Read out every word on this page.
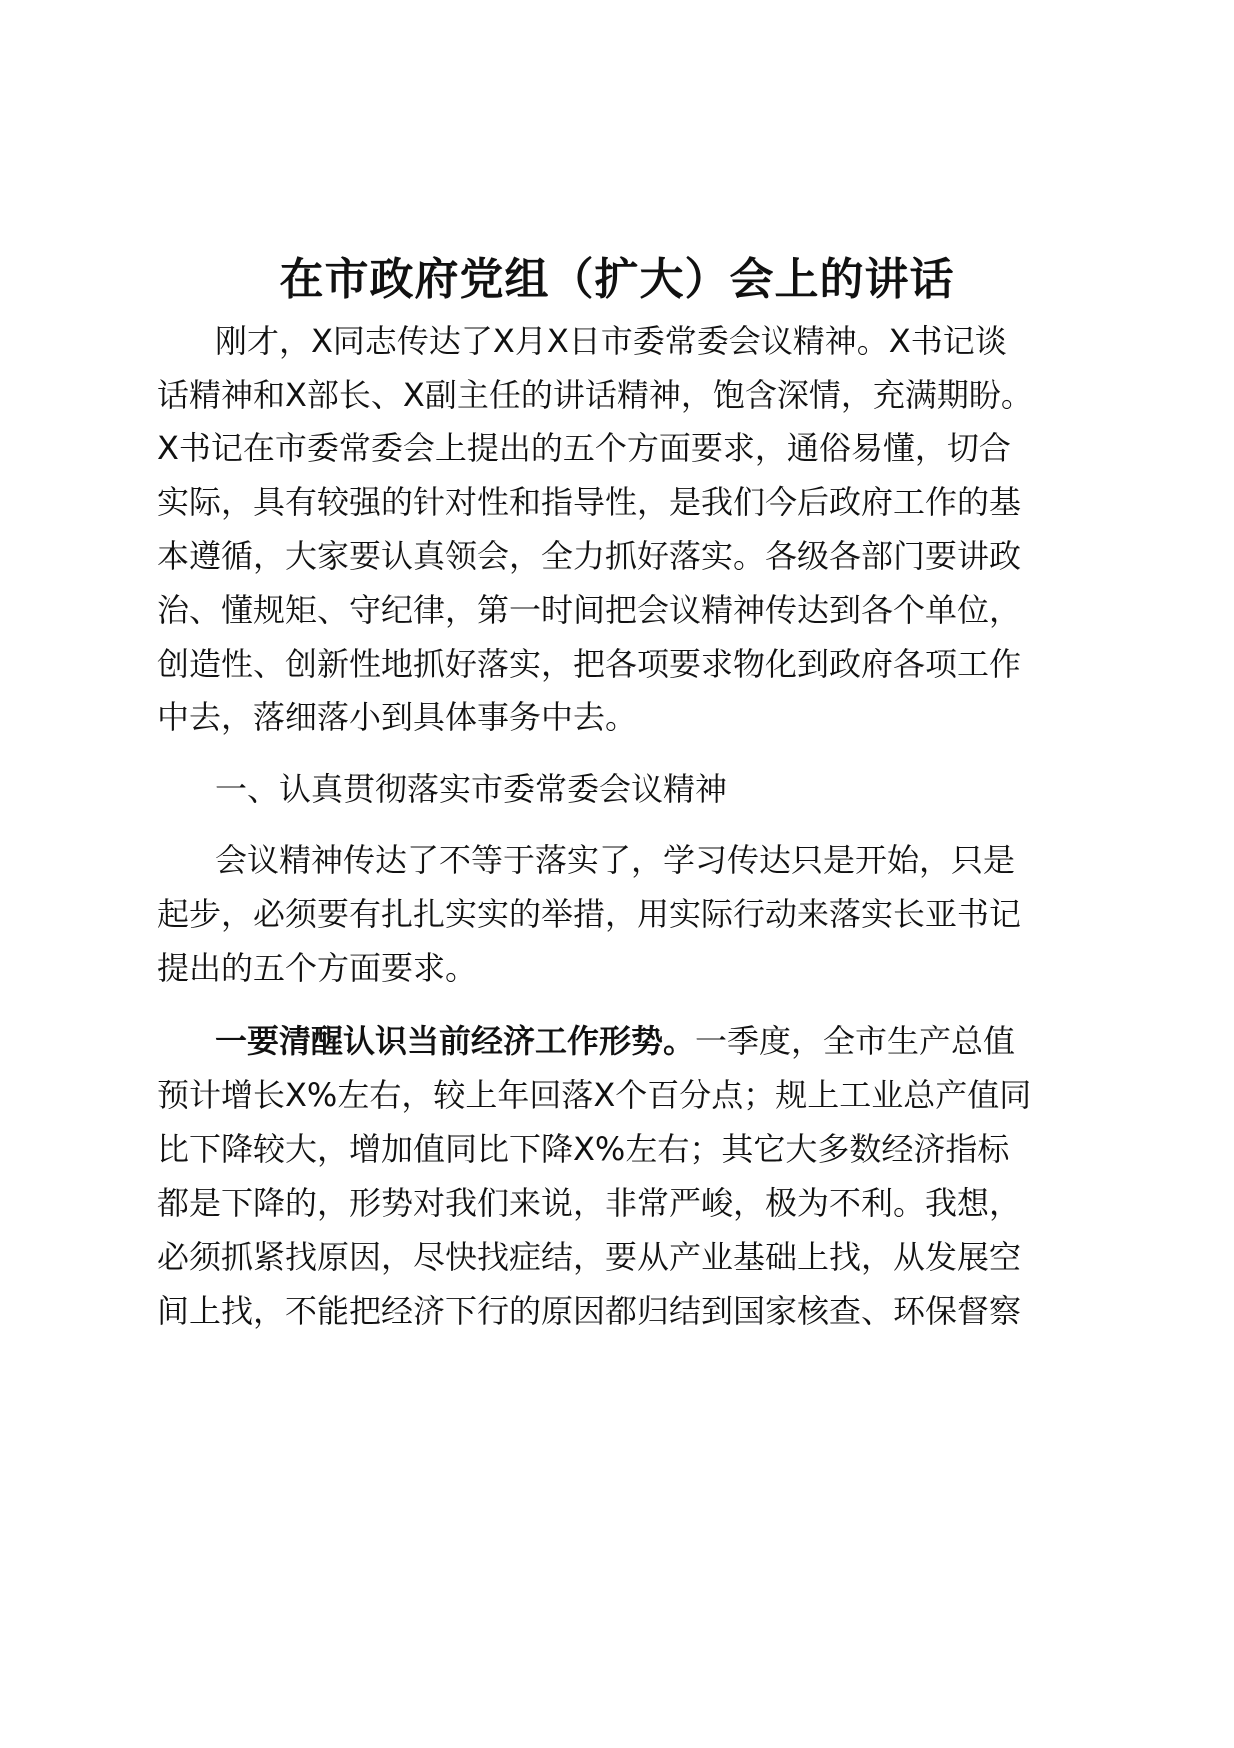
在市政府党组（扩大）会上的讲话
刚才，X同志传达了X月X日市委常委会议精神。X书记谈
话精神和X部长、X副主任的讲话精神，饱含深情，充满期盼。
X书记在市委常委会上提出的五个方面要求，通俗易懂，切合
实际，具有较强的针对性和指导性，是我们今后政府工作的基
本遵循，大家要认真领会，全力抓好落实。各级各部门要讲政
治、懂规矩、守纪律，第一时间把会议精神传达到各个单位，
创造性、创新性地抓好落实，把各项要求物化到政府各项工作
中去，落细落小到具体事务中去。
一、认真贯彻落实市委常委会议精神
会议精神传达了不等于落实了，学习传达只是开始，只是
起步，必须要有扎扎实实的举措，用实际行动来落实长亚书记
提出的五个方面要求。
一要清醒认识当前经济工作形势。一季度，全市生产总值
预计增长X%左右，较上年回落X个百分点；规上工业总产值同
比下降较大，增加值同比下降X%左右；其它大多数经济指标
都是下降的，形势对我们来说，非常严峻，极为不利。我想，
必须抓紧找原因，尽快找症结，要从产业基础上找，从发展空
间上找，不能把经济下行的原因都归结到国家核查、环保督察
